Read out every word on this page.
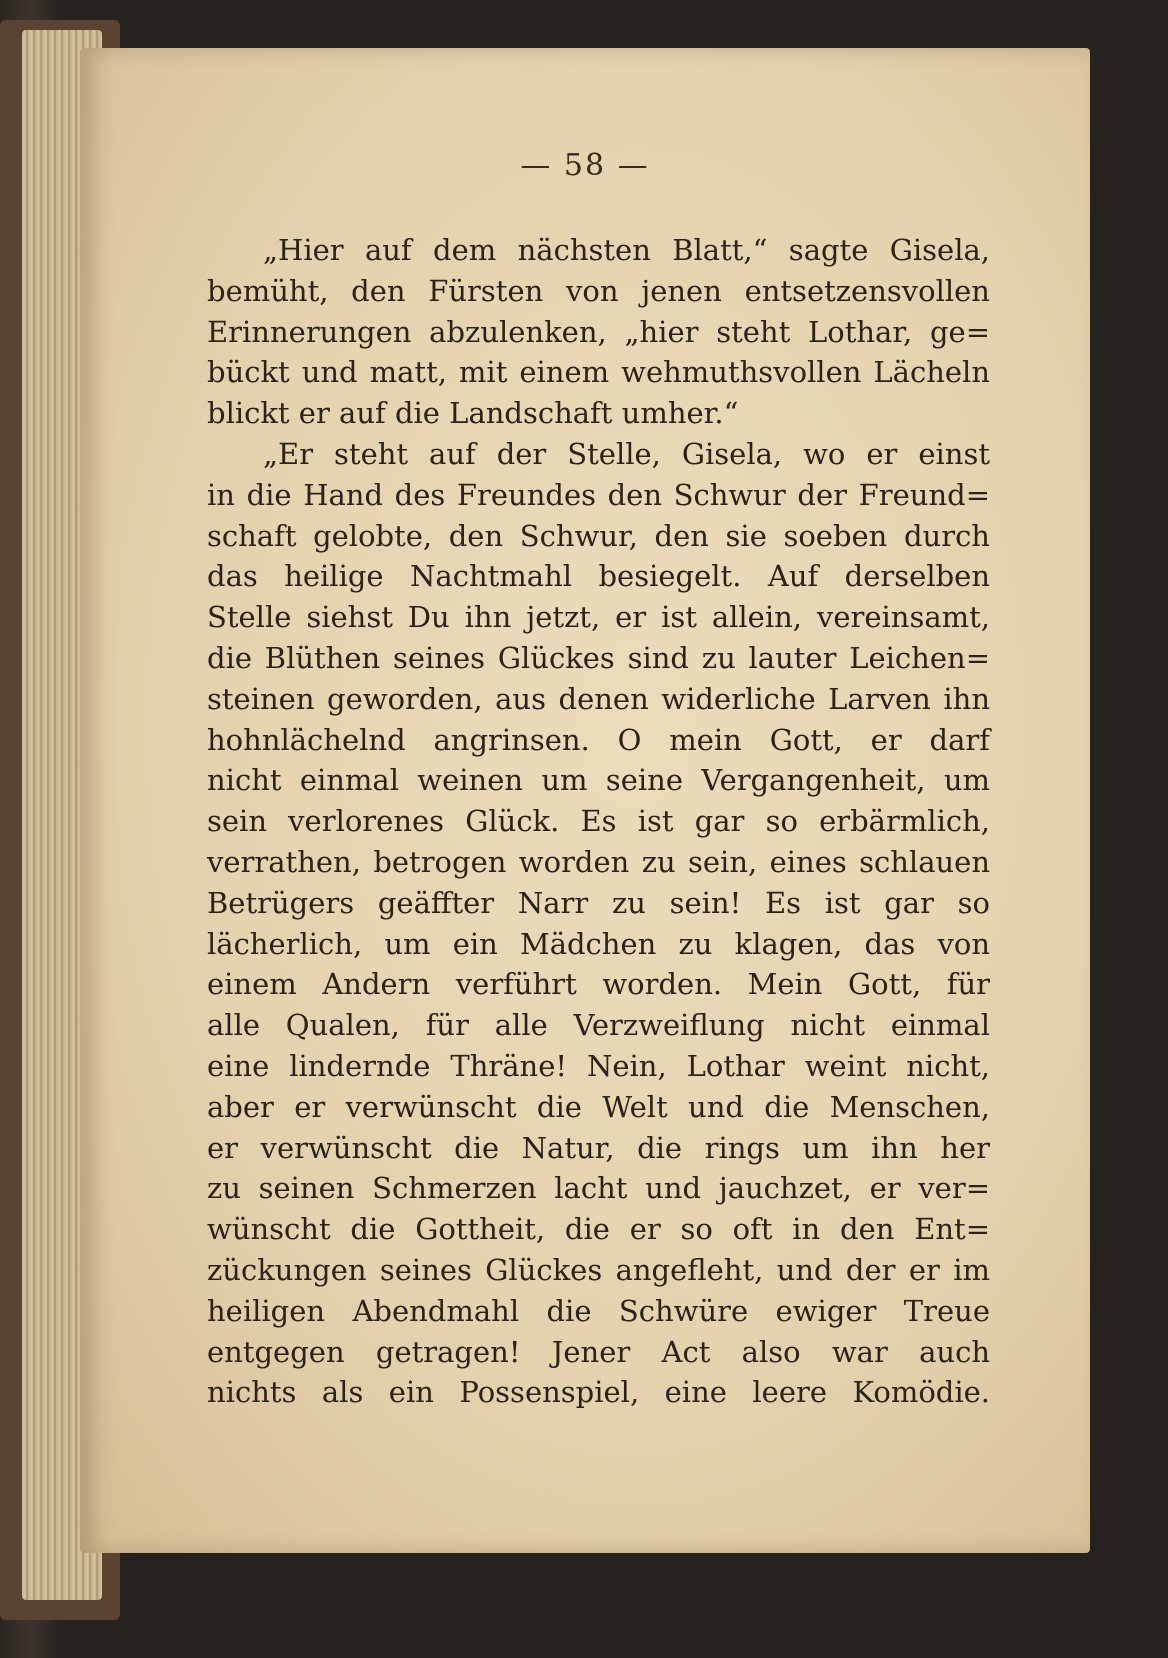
— 58 —
„Hier auf dem nächsten Blatt,“ sagte Gisela,
bemüht, den Fürsten von jenen entsetzensvollen
Erinnerungen abzulenken, „hier steht Lothar, ge=
bückt und matt, mit einem wehmuthsvollen Lächeln
blickt er auf die Landschaft umher.“
„Er steht auf der Stelle, Gisela, wo er einst
in die Hand des Freundes den Schwur der Freund=
schaft gelobte, den Schwur, den sie soeben durch
das heilige Nachtmahl besiegelt. Auf derselben
Stelle siehst Du ihn jetzt, er ist allein, vereinsamt,
die Blüthen seines Glückes sind zu lauter Leichen=
steinen geworden, aus denen widerliche Larven ihn
hohnlächelnd angrinsen. O mein Gott, er darf
nicht einmal weinen um seine Vergangenheit, um
sein verlorenes Glück. Es ist gar so erbärmlich,
verrathen, betrogen worden zu sein, eines schlauen
Betrügers geäffter Narr zu sein! Es ist gar so
lächerlich, um ein Mädchen zu klagen, das von
einem Andern verführt worden. Mein Gott, für
alle Qualen, für alle Verzweiflung nicht einmal
eine lindernde Thräne! Nein, Lothar weint nicht,
aber er verwünscht die Welt und die Menschen,
er verwünscht die Natur, die rings um ihn her
zu seinen Schmerzen lacht und jauchzet, er ver=
wünscht die Gottheit, die er so oft in den Ent=
zückungen seines Glückes angefleht, und der er im
heiligen Abendmahl die Schwüre ewiger Treue
entgegen getragen! Jener Act also war auch
nichts als ein Possenspiel, eine leere Komödie.
